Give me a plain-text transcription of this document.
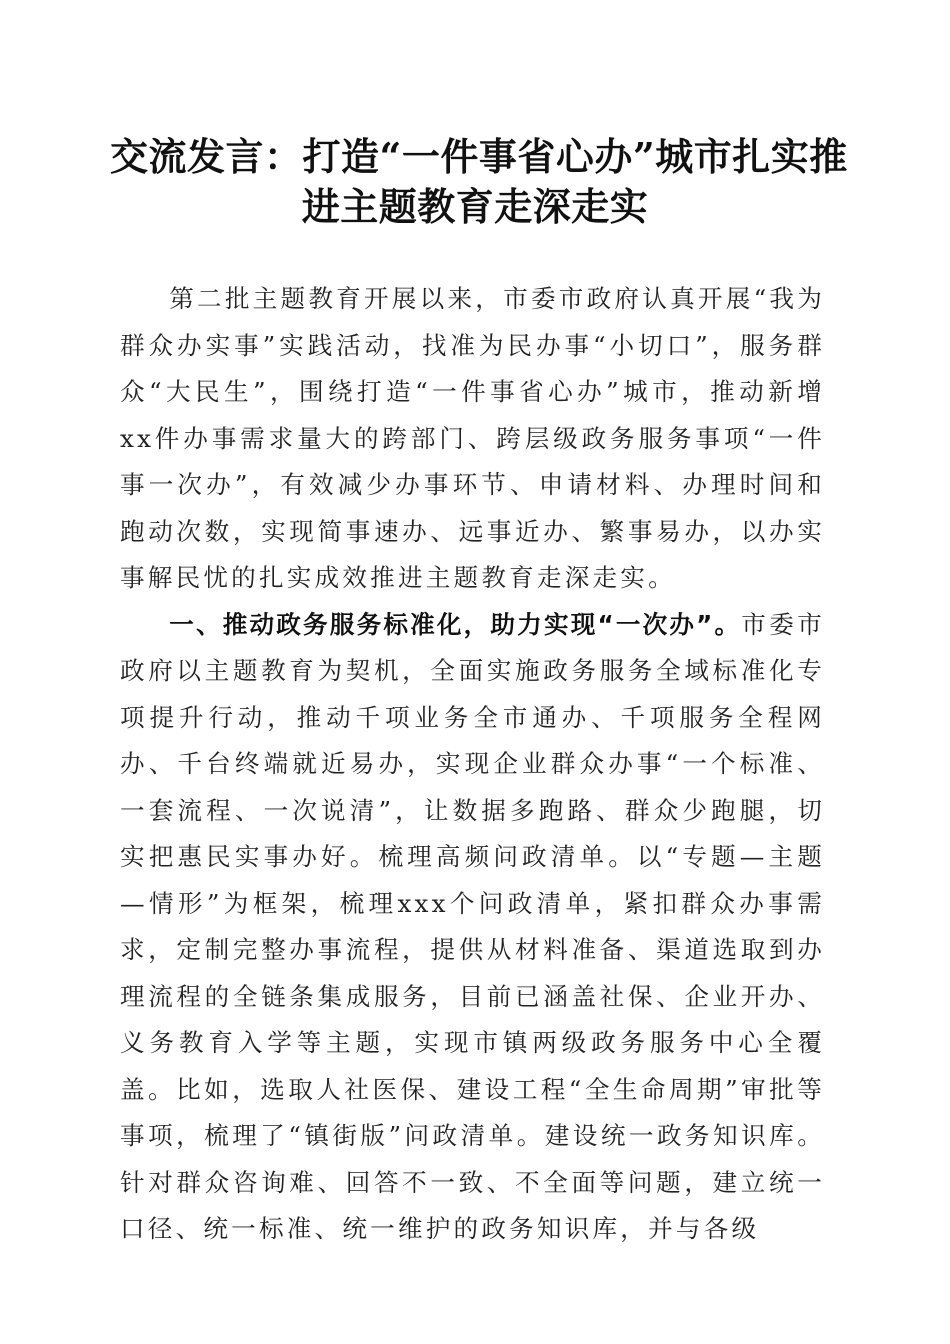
交流发言：打造“一件事省心办”城市扎实推
进主题教育走深走实

第二批主题教育开展以来，市委市政府认真开展“我为群众办实事”实践活动，找准为民办事“小切口”，服务群众“大民生”，围绕打造“一件事省心办”城市，推动新增xx件办事需求量大的跨部门、跨层级政务服务事项“一件事一次办”，有效减少办事环节、申请材料、办理时间和跑动次数，实现简事速办、远事近办、繁事易办，以办实事解民忧的扎实成效推进主题教育走深走实。

一、推动政务服务标准化，助力实现“一次办”。市委市政府以主题教育为契机，全面实施政务服务全域标准化专项提升行动，推动千项业务全市通办、千项服务全程网办、千台终端就近易办，实现企业群众办事“一个标准、一套流程、一次说清”，让数据多跑路、群众少跑腿，切实把惠民实事办好。梳理高频问政清单。以“专题—主题—情形”为框架，梳理xxx个问政清单，紧扣群众办事需求，定制完整办事流程，提供从材料准备、渠道选取到办理流程的全链条集成服务，目前已涵盖社保、企业开办、义务教育入学等主题，实现市镇两级政务服务中心全覆盖。比如，选取人社医保、建设工程“全生命周期”审批等事项，梳理了“镇街版”问政清单。建设统一政务知识库。针对群众咨询难、回答不一致、不全面等问题，建立统一口径、统一标准、统一维护的政务知识库，并与各级
